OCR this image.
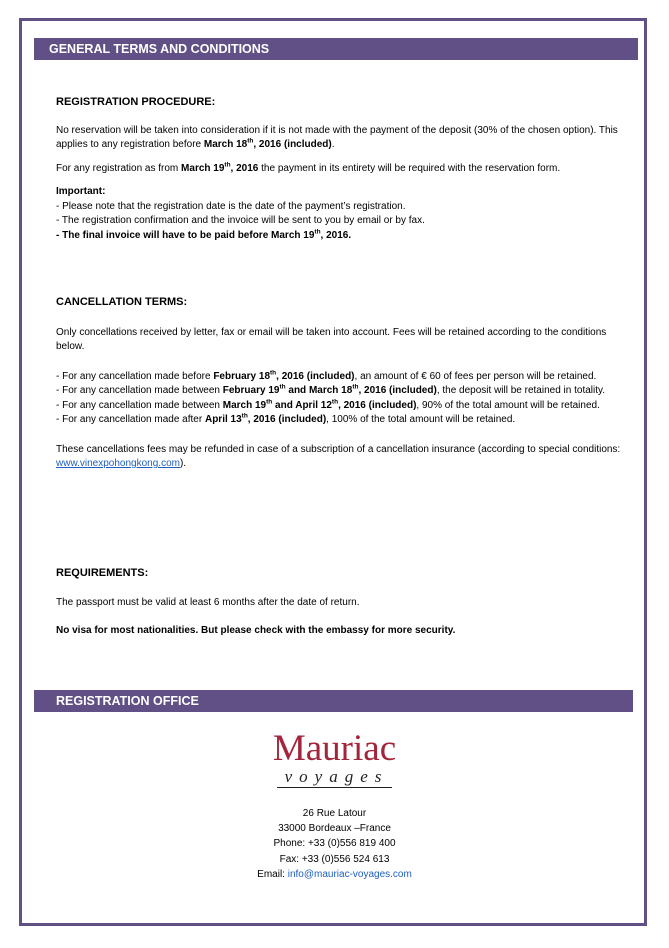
GENERAL TERMS AND CONDITIONS

REGISTRATION PROCEDURE:

No reservation will be taken into consideration if it is not made with the payment of the deposit (30% of the chosen option). This applies to any registration before March 18th, 2016 (included).

For any registration as from March 19th, 2016 the payment in its entirety will be required with the reservation form.

Important:
- Please note that the registration date is the date of the payment’s registration.
- The registration confirmation and the invoice will be sent to you by email or by fax.
- The final invoice will have to be paid before March 19th, 2016.

CANCELLATION TERMS:

Only concellations received by letter, fax or email will be taken into account. Fees will be retained according to the conditions below.

- For any cancellation made before February 18th, 2016 (included), an amount of € 60 of fees per person will be retained.
- For any cancellation made between February 19th and March 18th, 2016 (included), the deposit will be retained in totality.
- For any cancellation made between March 19th and April 12th, 2016 (included), 90% of the total amount will be retained.
- For any cancellation made after April 13th, 2016 (included), 100% of the total amount will be retained.

These cancellations fees may be refunded in case of a subscription of a cancellation insurance (according to special conditions: www.vinexpohongkong.com).

REQUIREMENTS:

The passport must be valid at least 6 months after the date of return.

No visa for most nationalities. But please check with the embassy for more security.

REGISTRATION OFFICE
Mauriac
voyages
26 Rue Latour
33000 Bordeaux –France
Phone: +33 (0)556 819 400
Fax: +33 (0)556 524 613
Email: info@mauriac-voyages.com
